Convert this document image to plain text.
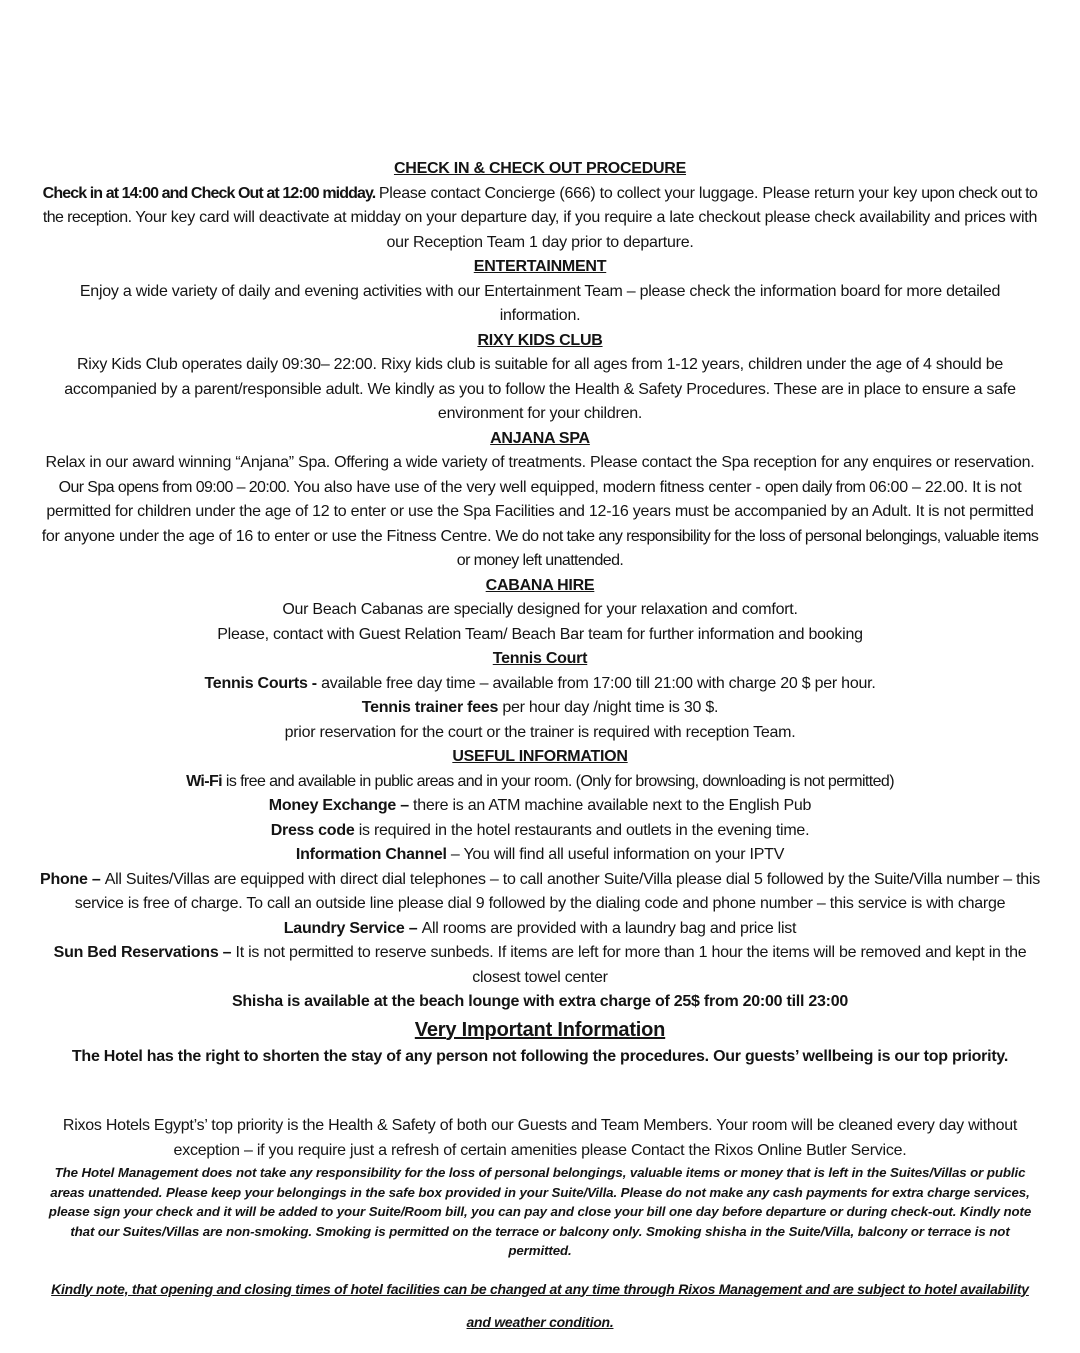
CHECK IN & CHECK OUT PROCEDURE

Check in at 14:00 and Check Out at 12:00 midday. Please contact Concierge (666) to collect your luggage. Please return your key upon check out to the reception. Your key card will deactivate at midday on your departure day, if you require a late checkout please check availability and prices with our Reception Team 1 day prior to departure.

ENTERTAINMENT

Enjoy a wide variety of daily and evening activities with our Entertainment Team – please check the information board for more detailed information.

RIXY KIDS CLUB

Rixy Kids Club operates daily 09:30– 22:00. Rixy kids club is suitable for all ages from 1-12 years, children under the age of 4 should be accompanied by a parent/responsible adult. We kindly as you to follow the Health & Safety Procedures. These are in place to ensure a safe environment for your children.

ANJANA SPA

Relax in our award winning “Anjana” Spa. Offering a wide variety of treatments. Please contact the Spa reception for any enquires or reservation. Our Spa opens from 09:00 – 20:00. You also have use of the very well equipped, modern fitness center - open daily from 06:00 – 22.00. It is not permitted for children under the age of 12 to enter or use the Spa Facilities and 12-16 years must be accompanied by an Adult. It is not permitted for anyone under the age of 16 to enter or use the Fitness Centre. We do not take any responsibility for the loss of personal belongings, valuable items or money left unattended.

CABANA HIRE

Our Beach Cabanas are specially designed for your relaxation and comfort.

Please, contact with Guest Relation Team/ Beach Bar team for further information and booking

Tennis Court

Tennis Courts - available free day time – available from 17:00 till 21:00 with charge 20 $ per hour.

Tennis trainer fees per hour day /night time is 30 $.

prior reservation for the court or the trainer is required with reception Team.

USEFUL INFORMATION

Wi-Fi is free and available in public areas and in your room. (Only for browsing, downloading is not permitted)

Money Exchange – there is an ATM machine available next to the English Pub

Dress code is required in the hotel restaurants and outlets in the evening time.

Information Channel – You will find all useful information on your IPTV

Phone – All Suites/Villas are equipped with direct dial telephones – to call another Suite/Villa please dial 5 followed by the Suite/Villa number – this service is free of charge. To call an outside line please dial 9 followed by the dialing code and phone number – this service is with charge

Laundry Service – All rooms are provided with a laundry bag and price list

Sun Bed Reservations – It is not permitted to reserve sunbeds. If items are left for more than 1 hour the items will be removed and kept in the closest towel center

Shisha is available at the beach lounge with extra charge of 25$ from 20:00 till 23:00

Very Important Information

The Hotel has the right to shorten the stay of any person not following the procedures. Our guests’ wellbeing is our top priority.

Rixos Hotels Egypt’s’ top priority is the Health & Safety of both our Guests and Team Members. Your room will be cleaned every day without exception – if you require just a refresh of certain amenities please Contact the Rixos Online Butler Service.

The Hotel Management does not take any responsibility for the loss of personal belongings, valuable items or money that is left in the Suites/Villas or public areas unattended. Please keep your belongings in the safe box provided in your Suite/Villa. Please do not make any cash payments for extra charge services, please sign your check and it will be added to your Suite/Room bill, you can pay and close your bill one day before departure or during check-out. Kindly note that our Suites/Villas are non-smoking. Smoking is permitted on the terrace or balcony only. Smoking shisha in the Suite/Villa, balcony or terrace is not permitted.

Kindly note, that opening and closing times of hotel facilities can be changed at any time through Rixos Management and are subject to hotel availability and weather condition.
